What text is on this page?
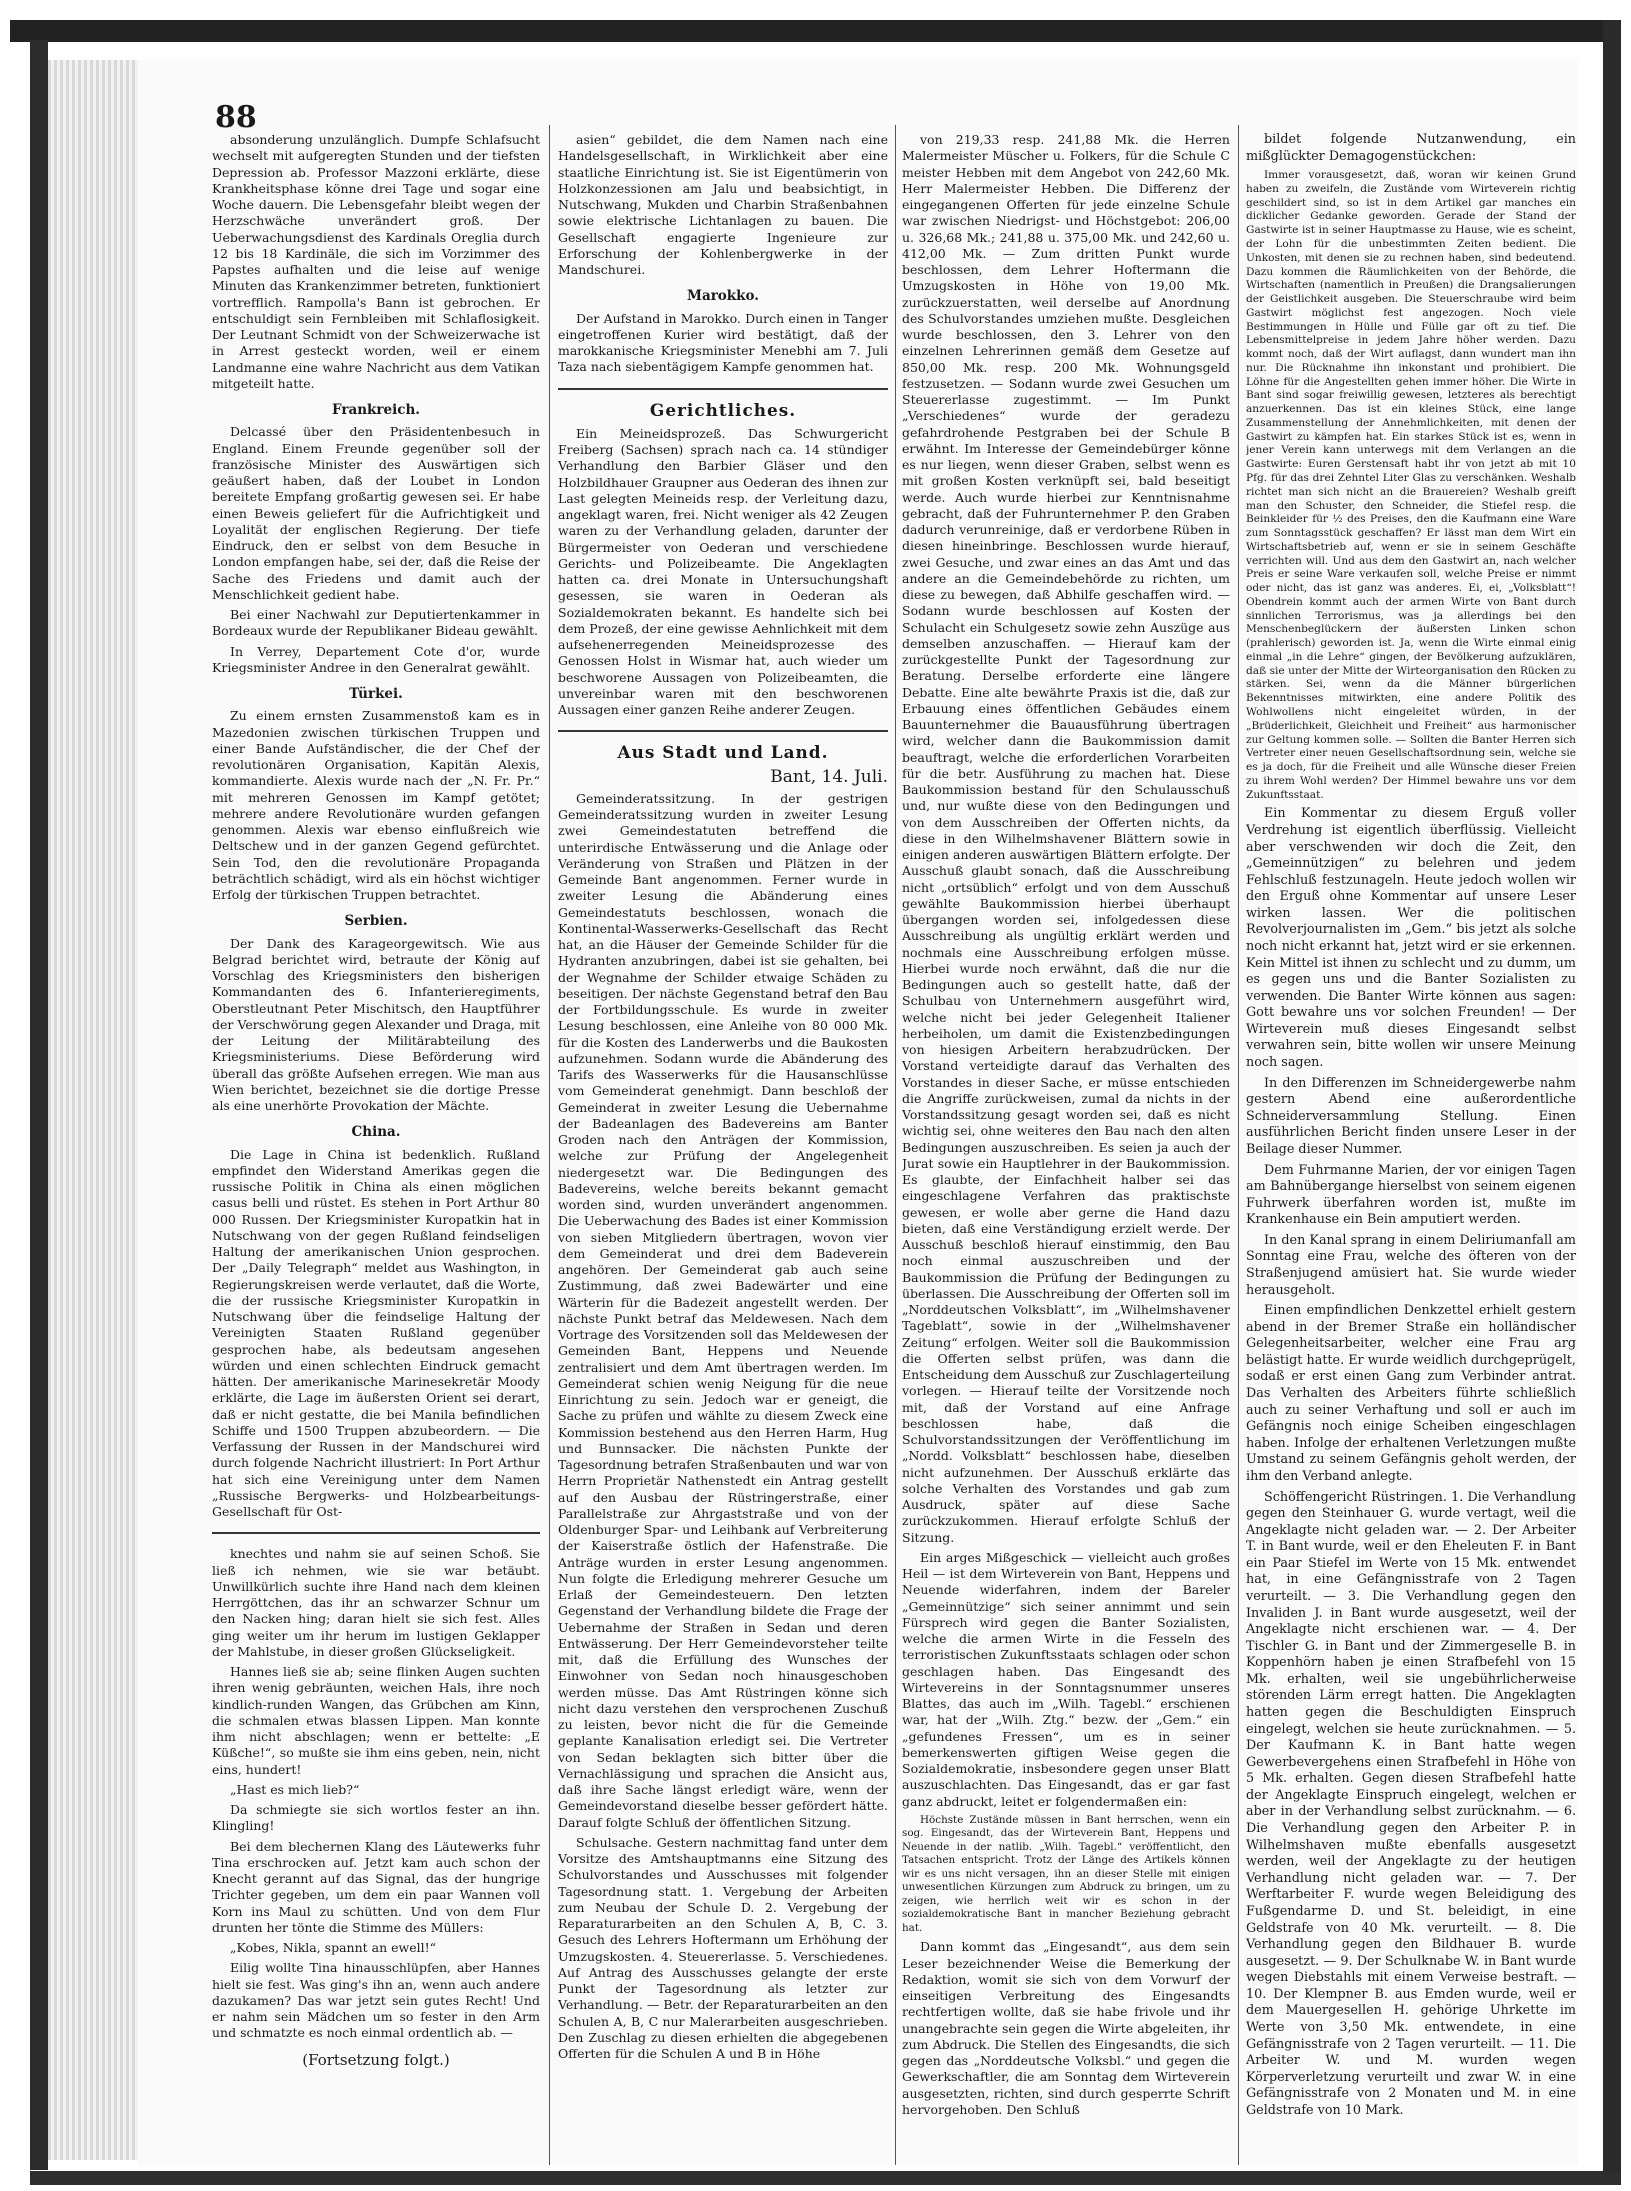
88

absonderung unzulänglich. Dumpfe Schlafsucht wechselt mit aufgeregten Stunden und der tiefsten Depression ab. Professor Mazzoni erklärte, diese Krankheitsphase könne drei Tage und sogar eine Woche dauern. Die Lebensgefahr bleibt wegen der Herzschwäche unverändert groß. Der Ueberwachungsdienst des Kardinals Oreglia durch 12 bis 18 Kardinäle, die sich im Vorzimmer des Papstes aufhalten und die leise auf wenige Minuten das Krankenzimmer betreten, funktioniert vortrefflich. Rampolla's Bann ist gebrochen. Er entschuldigt sein Fernbleiben mit Schlaflosigkeit. Der Leutnant Schmidt von der Schweizerwache ist in Arrest gesteckt worden, weil er einem Landmanne eine wahre Nachricht aus dem Vatikan mitgeteilt hatte.

Frankreich.

Delcassé über den Präsidentenbesuch in England. Einem Freunde gegenüber soll der französische Minister des Auswärtigen sich geäußert haben, daß der Loubet in London bereitete Empfang großartig gewesen sei. Er habe einen Beweis geliefert für die Aufrichtigkeit und Loyalität der englischen Regierung. Der tiefe Eindruck, den er selbst von dem Besuche in London empfangen habe, sei der, daß die Reise der Sache des Friedens und damit auch der Menschlichkeit gedient habe.

Bei einer Nachwahl zur Deputiertenkammer in Bordeaux wurde der Republikaner Bideau gewählt.

In Verrey, Departement Cote d'or, wurde Kriegsminister Andree in den Generalrat gewählt.

Türkei.

Zu einem ernsten Zusammenstoß kam es in Mazedonien zwischen türkischen Truppen und einer Bande Aufständischer, die der Chef der revolutionären Organisation, Kapitän Alexis, kommandierte. Alexis wurde nach der „N. Fr. Pr.“ mit mehreren Genossen im Kampf getötet; mehrere andere Revolutionäre wurden gefangen genommen. Alexis war ebenso einflußreich wie Deltschew und in der ganzen Gegend gefürchtet. Sein Tod, den die revolutionäre Propaganda beträchtlich schädigt, wird als ein höchst wichtiger Erfolg der türkischen Truppen betrachtet.

Serbien.

Der Dank des Karageorgewitsch. Wie aus Belgrad berichtet wird, betraute der König auf Vorschlag des Kriegsministers den bisherigen Kommandanten des 6. Infanterieregiments, Oberstleutnant Peter Mischitsch, den Hauptführer der Verschwörung gegen Alexander und Draga, mit der Leitung der Militärabteilung des Kriegsministeriums. Diese Beförderung wird überall das größte Aufsehen erregen. Wie man aus Wien berichtet, bezeichnet sie die dortige Presse als eine unerhörte Provokation der Mächte.

China.

Die Lage in China ist bedenklich. Rußland empfindet den Widerstand Amerikas gegen die russische Politik in China als einen möglichen casus belli und rüstet. Es stehen in Port Arthur 80 000 Russen. Der Kriegsminister Kuropatkin hat in Nutschwang von der gegen Rußland feindseligen Haltung der amerikanischen Union gesprochen. Der „Daily Telegraph“ meldet aus Washington, in Regierungskreisen werde verlautet, daß die Worte, die der russische Kriegsminister Kuropatkin in Nutschwang über die feindselige Haltung der Vereinigten Staaten Rußland gegenüber gesprochen habe, als bedeutsam angesehen würden und einen schlechten Eindruck gemacht hätten. Der amerikanische Marinesekretär Moody erklärte, die Lage im äußersten Orient sei derart, daß er nicht gestatte, die bei Manila befindlichen Schiffe und 1500 Truppen abzubeordern. — Die Verfassung der Russen in der Mandschurei wird durch folgende Nachricht illustriert: In Port Arthur hat sich eine Vereinigung unter dem Namen „Russische Bergwerks- und Holzbearbeitungs-Gesellschaft für Ost-

knechtes und nahm sie auf seinen Schoß. Sie ließ ich nehmen, wie sie war betäubt. Unwillkürlich suchte ihre Hand nach dem kleinen Herrgöttchen, das ihr an schwarzer Schnur um den Nacken hing; daran hielt sie sich fest. Alles ging weiter um ihr herum im lustigen Geklapper der Mahlstube, in dieser großen Glückseligkeit.

Hannes ließ sie ab; seine flinken Augen suchten ihren wenig gebräunten, weichen Hals, ihre noch kindlich-runden Wangen, das Grübchen am Kinn, die schmalen etwas blassen Lippen. Man konnte ihm nicht abschlagen; wenn er bettelte: „E Küßche!“, so mußte sie ihm eins geben, nein, nicht eins, hundert!

„Hast es mich lieb?“

Da schmiegte sie sich wortlos fester an ihn. Klingling!

Bei dem blechernen Klang des Läutewerks fuhr Tina erschrocken auf. Jetzt kam auch schon der Knecht gerannt auf das Signal, das der hungrige Trichter gegeben, um dem ein paar Wannen voll Korn ins Maul zu schütten. Und von dem Flur drunten her tönte die Stimme des Müllers:

„Kobes, Nikla, spannt an ewell!“

Eilig wollte Tina hinausschlüpfen, aber Hannes hielt sie fest. Was ging's ihn an, wenn auch andere dazukamen? Das war jetzt sein gutes Recht! Und er nahm sein Mädchen um so fester in den Arm und schmatzte es noch einmal ordentlich ab. —

(Fortsetzung folgt.)

asien“ gebildet, die dem Namen nach eine Handelsgesellschaft, in Wirklichkeit aber eine staatliche Einrichtung ist. Sie ist Eigentümerin von Holzkonzessionen am Jalu und beabsichtigt, in Nutschwang, Mukden und Charbin Straßenbahnen sowie elektrische Lichtanlagen zu bauen. Die Gesellschaft engagierte Ingenieure zur Erforschung der Kohlenbergwerke in der Mandschurei.

Marokko.

Der Aufstand in Marokko. Durch einen in Tanger eingetroffenen Kurier wird bestätigt, daß der marokkanische Kriegsminister Menebhi am 7. Juli Taza nach siebentägigem Kampfe genommen hat.

Gerichtliches.

Ein Meineidsprozeß. Das Schwurgericht Freiberg (Sachsen) sprach nach ca. 14 stündiger Verhandlung den Barbier Gläser und den Holzbildhauer Graupner aus Oederan des ihnen zur Last gelegten Meineids resp. der Verleitung dazu, angeklagt waren, frei. Nicht weniger als 42 Zeugen waren zu der Verhandlung geladen, darunter der Bürgermeister von Oederan und verschiedene Gerichts- und Polizeibeamte. Die Angeklagten hatten ca. drei Monate in Untersuchungshaft gesessen, sie waren in Oederan als Sozialdemokraten bekannt. Es handelte sich bei dem Prozeß, der eine gewisse Aehnlichkeit mit dem aufsehenerregenden Meineidsprozesse des Genossen Holst in Wismar hat, auch wieder um beschworene Aussagen von Polizeibeamten, die unvereinbar waren mit den beschworenen Aussagen einer ganzen Reihe anderer Zeugen.

Aus Stadt und Land.
Bant, 14. Juli.

Gemeinderatssitzung. In der gestrigen Gemeinderatssitzung wurden in zweiter Lesung zwei Gemeindestatuten betreffend die unterirdische Entwässerung und die Anlage oder Veränderung von Straßen und Plätzen in der Gemeinde Bant angenommen. Ferner wurde in zweiter Lesung die Abänderung eines Gemeindestatuts beschlossen, wonach die Kontinental-Wasserwerks-Gesellschaft das Recht hat, an die Häuser der Gemeinde Schilder für die Hydranten anzubringen, dabei ist sie gehalten, bei der Wegnahme der Schilder etwaige Schäden zu beseitigen. Der nächste Gegenstand betraf den Bau der Fortbildungsschule. Es wurde in zweiter Lesung beschlossen, eine Anleihe von 80 000 Mk. für die Kosten des Landerwerbs und die Baukosten aufzunehmen. Sodann wurde die Abänderung des Tarifs des Wasserwerks für die Hausanschlüsse vom Gemeinderat genehmigt. Dann beschloß der Gemeinderat in zweiter Lesung die Uebernahme der Badeanlagen des Badevereins am Banter Groden nach den Anträgen der Kommission, welche zur Prüfung der Angelegenheit niedergesetzt war. Die Bedingungen des Badevereins, welche bereits bekannt gemacht worden sind, wurden unverändert angenommen. Die Ueberwachung des Bades ist einer Kommission von sieben Mitgliedern übertragen, wovon vier dem Gemeinderat und drei dem Badeverein angehören. Der Gemeinderat gab auch seine Zustimmung, daß zwei Badewärter und eine Wärterin für die Badezeit angestellt werden. Der nächste Punkt betraf das Meldewesen. Nach dem Vortrage des Vorsitzenden soll das Meldewesen der Gemeinden Bant, Heppens und Neuende zentralisiert und dem Amt übertragen werden. Im Gemeinderat schien wenig Neigung für die neue Einrichtung zu sein. Jedoch war er geneigt, die Sache zu prüfen und wählte zu diesem Zweck eine Kommission bestehend aus den Herren Harm, Hug und Bunnsacker. Die nächsten Punkte der Tagesordnung betrafen Straßenbauten und war von Herrn Proprietär Nathenstedt ein Antrag gestellt auf den Ausbau der Rüstringerstraße, einer Parallelstraße zur Ahrgaststraße und von der Oldenburger Spar- und Leihbank auf Verbreiterung der Kaiserstraße östlich der Hafenstraße. Die Anträge wurden in erster Lesung angenommen. Nun folgte die Erledigung mehrerer Gesuche um Erlaß der Gemeindesteuern. Den letzten Gegenstand der Verhandlung bildete die Frage der Uebernahme der Straßen in Sedan und deren Entwässerung. Der Herr Gemeindevorsteher teilte mit, daß die Erfüllung des Wunsches der Einwohner von Sedan noch hinausgeschoben werden müsse. Das Amt Rüstringen könne sich nicht dazu verstehen den versprochenen Zuschuß zu leisten, bevor nicht die für die Gemeinde geplante Kanalisation erledigt sei. Die Vertreter von Sedan beklagten sich bitter über die Vernachlässigung und sprachen die Ansicht aus, daß ihre Sache längst erledigt wäre, wenn der Gemeindevorstand dieselbe besser gefördert hätte. Darauf folgte Schluß der öffentlichen Sitzung.

Schulsache. Gestern nachmittag fand unter dem Vorsitze des Amtshauptmanns eine Sitzung des Schulvorstandes und Ausschusses mit folgender Tagesordnung statt. 1. Vergebung der Arbeiten zum Neubau der Schule D. 2. Vergebung der Reparaturarbeiten an den Schulen A, B, C. 3. Gesuch des Lehrers Hoftermann um Erhöhung der Umzugskosten. 4. Steuererlasse. 5. Verschiedenes. Auf Antrag des Ausschusses gelangte der erste Punkt der Tagesordnung als letzter zur Verhandlung. — Betr. der Reparaturarbeiten an den Schulen A, B, C nur Malerarbeiten ausgeschrieben. Den Zuschlag zu diesen erhielten die abgegebenen Offerten für die Schulen A und B in Höhe

von 219,33 resp. 241,88 Mk. die Herren Malermeister Müscher u. Folkers, für die Schule C meister Hebben mit dem Angebot von 242,60 Mk. Herr Malermeister Hebben. Die Differenz der eingegangenen Offerten für jede einzelne Schule war zwischen Niedrigst- und Höchstgebot: 206,00 u. 326,68 Mk.; 241,88 u. 375,00 Mk. und 242,60 u. 412,00 Mk. — Zum dritten Punkt wurde beschlossen, dem Lehrer Hoftermann die Umzugskosten in Höhe von 19,00 Mk. zurückzuerstatten, weil derselbe auf Anordnung des Schulvorstandes umziehen mußte. Desgleichen wurde beschlossen, den 3. Lehrer von den einzelnen Lehrerinnen gemäß dem Gesetze auf 850,00 Mk. resp. 200 Mk. Wohnungsgeld festzusetzen. — Sodann wurde zwei Gesuchen um Steuererlasse zugestimmt. — Im Punkt „Verschiedenes“ wurde der geradezu gefahrdrohende Pestgraben bei der Schule B erwähnt. Im Interesse der Gemeindebürger könne es nur liegen, wenn dieser Graben, selbst wenn es mit großen Kosten verknüpft sei, bald beseitigt werde. Auch wurde hierbei zur Kenntnisnahme gebracht, daß der Fuhrunternehmer P. den Graben dadurch verunreinige, daß er verdorbene Rüben in diesen hineinbringe. Beschlossen wurde hierauf, zwei Gesuche, und zwar eines an das Amt und das andere an die Gemeindebehörde zu richten, um diese zu bewegen, daß Abhilfe geschaffen wird. — Sodann wurde beschlossen auf Kosten der Schulacht ein Schulgesetz sowie zehn Auszüge aus demselben anzuschaffen. — Hierauf kam der zurückgestellte Punkt der Tagesordnung zur Beratung. Derselbe erforderte eine längere Debatte. Eine alte bewährte Praxis ist die, daß zur Erbauung eines öffentlichen Gebäudes einem Bauunternehmer die Bauausführung übertragen wird, welcher dann die Baukommission damit beauftragt, welche die erforderlichen Vorarbeiten für die betr. Ausführung zu machen hat. Diese Baukommission bestand für den Schulausschuß und, nur wußte diese von den Bedingungen und von dem Ausschreiben der Offerten nichts, da diese in den Wilhelmshavener Blättern sowie in einigen anderen auswärtigen Blättern erfolgte. Der Ausschuß glaubt sonach, daß die Ausschreibung nicht „ortsüblich“ erfolgt und von dem Ausschuß gewählte Baukommission hierbei überhaupt übergangen worden sei, infolgedessen diese Ausschreibung als ungültig erklärt werden und nochmals eine Ausschreibung erfolgen müsse. Hierbei wurde noch erwähnt, daß die nur die Bedingungen auch so gestellt hatte, daß der Schulbau von Unternehmern ausgeführt wird, welche nicht bei jeder Gelegenheit Italiener herbeiholen, um damit die Existenzbedingungen von hiesigen Arbeitern herabzudrücken. Der Vorstand verteidigte darauf das Verhalten des Vorstandes in dieser Sache, er müsse entschieden die Angriffe zurückweisen, zumal da nichts in der Vorstandssitzung gesagt worden sei, daß es nicht wichtig sei, ohne weiteres den Bau nach den alten Bedingungen auszuschreiben. Es seien ja auch der Jurat sowie ein Hauptlehrer in der Baukommission. Es glaubte, der Einfachheit halber sei das eingeschlagene Verfahren das praktischste gewesen, er wolle aber gerne die Hand dazu bieten, daß eine Verständigung erzielt werde. Der Ausschuß beschloß hierauf einstimmig, den Bau noch einmal auszuschreiben und der Baukommission die Prüfung der Bedingungen zu überlassen. Die Ausschreibung der Offerten soll im „Norddeutschen Volksblatt“, im „Wilhelmshavener Tageblatt“, sowie in der „Wilhelmshavener Zeitung“ erfolgen. Weiter soll die Baukommission die Offerten selbst prüfen, was dann die Entscheidung dem Ausschuß zur Zuschlagerteilung vorlegen. — Hierauf teilte der Vorsitzende noch mit, daß der Vorstand auf eine Anfrage beschlossen habe, daß die Schulvorstandssitzungen der Veröffentlichung im „Nordd. Volksblatt“ beschlossen habe, dieselben nicht aufzunehmen. Der Ausschuß erklärte das solche Verhalten des Vorstandes und gab zum Ausdruck, später auf diese Sache zurückzukommen. Hierauf erfolgte Schluß der Sitzung.

Ein arges Mißgeschick — vielleicht auch großes Heil — ist dem Wirteverein von Bant, Heppens und Neuende widerfahren, indem der Bareler „Gemeinnützige“ sich seiner annimmt und sein Fürsprech wird gegen die Banter Sozialisten, welche die armen Wirte in die Fesseln des terroristischen Zukunftsstaats schlagen oder schon geschlagen haben. Das Eingesandt des Wirtevereins in der Sonntagsnummer unseres Blattes, das auch im „Wilh. Tagebl.“ erschienen war, hat der „Wilh. Ztg.“ bezw. der „Gem.“ ein „gefundenes Fressen“, um es in seiner bemerkenswerten giftigen Weise gegen die Sozialdemokratie, insbesondere gegen unser Blatt auszuschlachten. Das Eingesandt, das er gar fast ganz abdruckt, leitet er folgendermaßen ein:

Höchste Zustände müssen in Bant herrschen, wenn ein sog. Eingesandt, das der Wirteverein Bant, Heppens und Neuende in der natlib. „Wilh. Tagebl.“ veröffentlicht, den Tatsachen entspricht. Trotz der Länge des Artikels können wir es uns nicht versagen, ihn an dieser Stelle mit einigen unwesentlichen Kürzungen zum Abdruck zu bringen, um zu zeigen, wie herrlich weit wir es schon in der sozialdemokratische Bant in mancher Beziehung gebracht hat.

Dann kommt das „Eingesandt“, aus dem sein Leser bezeichnender Weise die Bemerkung der Redaktion, womit sie sich von dem Vorwurf der einseitigen Verbreitung des Eingesandts rechtfertigen wollte, daß sie habe frivole und ihr unangebrachte sein gegen die Wirte abgeleiten, ihr zum Abdruck. Die Stellen des Eingesandts, die sich gegen das „Norddeutsche Volksbl.“ und gegen die Gewerkschaftler, die am Sonntag dem Wirteverein ausgesetzten, richten, sind durch gesperrte Schrift hervorgehoben. Den Schluß

bildet folgende Nutzanwendung, ein mißglückter Demagogenstückchen:

Immer vorausgesetzt, daß, woran wir keinen Grund haben zu zweifeln, die Zustände vom Wirteverein richtig geschildert sind, so ist in dem Artikel gar manches ein dicklicher Gedanke geworden. Gerade der Stand der Gastwirte ist in seiner Hauptmasse zu Hause, wie es scheint, der Lohn für die unbestimmten Zeiten bedient. Die Unkosten, mit denen sie zu rechnen haben, sind bedeutend. Dazu kommen die Räumlichkeiten von der Behörde, die Wirtschaften (namentlich in Preußen) die Drangsalierungen der Geistlichkeit ausgeben. Die Steuerschraube wird beim Gastwirt möglichst fest angezogen. Noch viele Bestimmungen in Hülle und Fülle gar oft zu tief. Die Lebensmittelpreise in jedem Jahre höher werden. Dazu kommt noch, daß der Wirt auflagst, dann wundert man ihn nur. Die Rücknahme ihn inkonstant und prohibiert. Die Löhne für die Angestellten gehen immer höher. Die Wirte in Bant sind sogar freiwillig gewesen, letzteres als berechtigt anzuerkennen. Das ist ein kleines Stück, eine lange Zusammenstellung der Annehmlichkeiten, mit denen der Gastwirt zu kämpfen hat. Ein starkes Stück ist es, wenn in jener Verein kann unterwegs mit dem Verlangen an die Gastwirte: Euren Gerstensaft habt ihr von jetzt ab mit 10 Pfg. für das drei Zehntel Liter Glas zu verschänken. Weshalb richtet man sich nicht an die Brauereien? Weshalb greift man den Schuster, den Schneider, die Stiefel resp. die Beinkleider für ½ des Preises, den die Kaufmann eine Ware zum Sonntagsstück geschaffen? Er lässt man dem Wirt ein Wirtschaftsbetrieb auf, wenn er sie in seinem Geschäfte verrichten will. Und aus dem den Gastwirt an, nach welcher Preis er seine Ware verkaufen soll, welche Preise er nimmt oder nicht, das ist ganz was anderes. Ei, ei, „Volksblatt“! Obendrein kommt auch der armen Wirte von Bant durch sinnlichen Terrorismus, was ja allerdings bei den Menschenbeglückern der äußersten Linken schon (prahlerisch) geworden ist. Ja, wenn die Wirte einmal einig einmal „in die Lehre“ gingen, der Bevölkerung aufzuklären, daß sie unter der Mitte der Wirteorganisation den Rücken zu stärken. Sei, wenn da die Männer bürgerlichen Bekenntnisses mitwirkten, eine andere Politik des Wohlwollens nicht eingeleitet würden, in der „Brüderlichkeit, Gleichheit und Freiheit“ aus harmonischer zur Geltung kommen solle. — Sollten die Banter Herren sich Vertreter einer neuen Gesellschaftsordnung sein, welche sie es ja doch, für die Freiheit und alle Wünsche dieser Freien zu ihrem Wohl werden? Der Himmel bewahre uns vor dem Zukunftsstaat.

Ein Kommentar zu diesem Erguß voller Verdrehung ist eigentlich überflüssig. Vielleicht aber verschwenden wir doch die Zeit, den „Gemeinnützigen“ zu belehren und jedem Fehlschluß festzunageln. Heute jedoch wollen wir den Erguß ohne Kommentar auf unsere Leser wirken lassen. Wer die politischen Revolverjournalisten im „Gem.“ bis jetzt als solche noch nicht erkannt hat, jetzt wird er sie erkennen. Kein Mittel ist ihnen zu schlecht und zu dumm, um es gegen uns und die Banter Sozialisten zu verwenden. Die Banter Wirte können aus sagen: Gott bewahre uns vor solchen Freunden! — Der Wirteverein muß dieses Eingesandt selbst verwahren sein, bitte wollen wir unsere Meinung noch sagen.

In den Differenzen im Schneidergewerbe nahm gestern Abend eine außerordentliche Schneiderversammlung Stellung. Einen ausführlichen Bericht finden unsere Leser in der Beilage dieser Nummer.

Dem Fuhrmanne Marien, der vor einigen Tagen am Bahnübergange hierselbst von seinem eigenen Fuhrwerk überfahren worden ist, mußte im Krankenhause ein Bein amputiert werden.

In den Kanal sprang in einem Deliriumanfall am Sonntag eine Frau, welche des öfteren von der Straßenjugend amüsiert hat. Sie wurde wieder herausgeholt.

Einen empfindlichen Denkzettel erhielt gestern abend in der Bremer Straße ein holländischer Gelegenheitsarbeiter, welcher eine Frau arg belästigt hatte. Er wurde weidlich durchgeprügelt, sodaß er erst einen Gang zum Verbinder antrat. Das Verhalten des Arbeiters führte schließlich auch zu seiner Verhaftung und soll er auch im Gefängnis noch einige Scheiben eingeschlagen haben. Infolge der erhaltenen Verletzungen mußte Umstand zu seinem Gefängnis geholt werden, der ihm den Verband anlegte.

Schöffengericht Rüstringen. 1. Die Verhandlung gegen den Steinhauer G. wurde vertagt, weil die Angeklagte nicht geladen war. — 2. Der Arbeiter T. in Bant wurde, weil er den Eheleuten F. in Bant ein Paar Stiefel im Werte von 15 Mk. entwendet hat, in eine Gefängnisstrafe von 2 Tagen verurteilt. — 3. Die Verhandlung gegen den Invaliden J. in Bant wurde ausgesetzt, weil der Angeklagte nicht erschienen war. — 4. Der Tischler G. in Bant und der Zimmergeselle B. in Koppenhörn haben je einen Strafbefehl von 15 Mk. erhalten, weil sie ungebührlicherweise störenden Lärm erregt hatten. Die Angeklagten hatten gegen die Beschuldigten Einspruch eingelegt, welchen sie heute zurücknahmen. — 5. Der Kaufmann K. in Bant hatte wegen Gewerbevergehens einen Strafbefehl in Höhe von 5 Mk. erhalten. Gegen diesen Strafbefehl hatte der Angeklagte Einspruch eingelegt, welchen er aber in der Verhandlung selbst zurücknahm. — 6. Die Verhandlung gegen den Arbeiter P. in Wilhelmshaven mußte ebenfalls ausgesetzt werden, weil der Angeklagte zu der heutigen Verhandlung nicht geladen war. — 7. Der Werftarbeiter F. wurde wegen Beleidigung des Fußgendarme D. und St. beleidigt, in eine Geldstrafe von 40 Mk. verurteilt. — 8. Die Verhandlung gegen den Bildhauer B. wurde ausgesetzt. — 9. Der Schulknabe W. in Bant wurde wegen Diebstahls mit einem Verweise bestraft. — 10. Der Klempner B. aus Emden wurde, weil er dem Mauergesellen H. gehörige Uhrkette im Werte von 3,50 Mk. entwendete, in eine Gefängnisstrafe von 2 Tagen verurteilt. — 11. Die Arbeiter W. und M. wurden wegen Körperverletzung verurteilt und zwar W. in eine Gefängnisstrafe von 2 Monaten und M. in eine Geldstrafe von 10 Mark.
